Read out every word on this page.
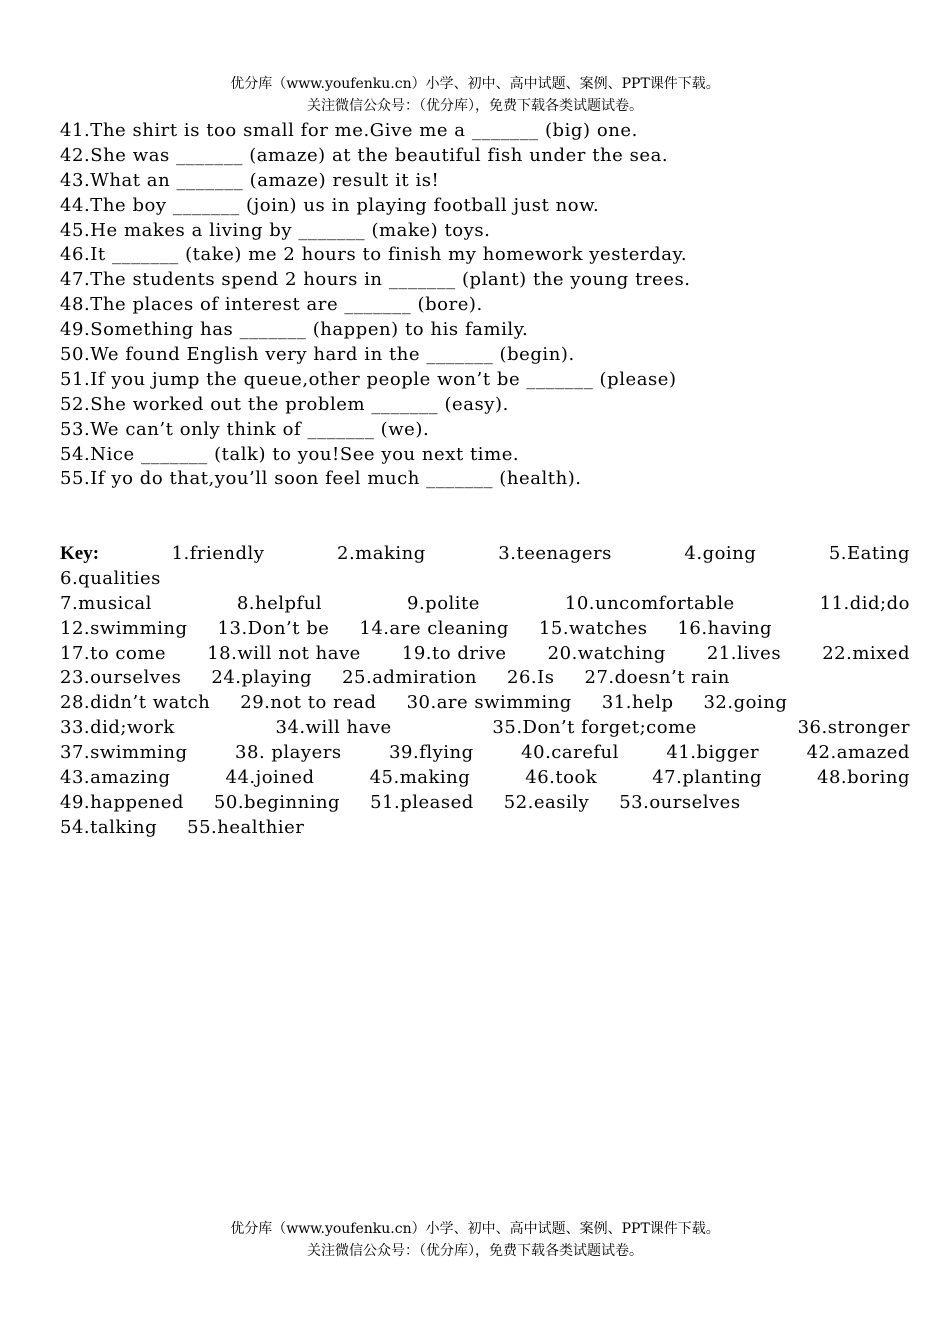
优分库（www.youfenku.cn）小学、初中、高中试题、案例、PPT课件下载。
关注微信公众号：（优分库），免费下载各类试题试卷。
41.The shirt is too small for me.Give me a _______ (big) one.
42.She was _______ (amaze) at the beautiful fish under the sea.
43.What an _______ (amaze) result it is!
44.The boy _______ (join) us in playing football just now.
45.He makes a living by _______ (make) toys.
46.It _______ (take) me 2 hours to finish my homework yesterday.
47.The students spend 2 hours in _______ (plant) the young trees.
48.The places of interest are _______ (bore).
49.Something has _______ (happen) to his family.
50.We found English very hard in the _______ (begin).
51.If you jump the queue,other people won’t be _______ (please)
52.She worked out the problem _______ (easy).
53.We can’t only think of _______ (we).
54.Nice _______ (talk) to you!See you next time.
55.If yo do that,you’ll soon feel much _______ (health).
Key:	1.friendly	2.making	3.teenagers	4.going	5.Eating
6.qualities
7.musical	8.helpful	9.polite	10.uncomfortable	11.did;do
12.swimming 13.Don’t be 14.are cleaning 15.watches 16.having
17.to come 18.will not have 19.to drive 20.watching 21.lives 22.mixed
23.ourselves 24.playing 25.admiration 26.Is 27.doesn’t rain
28.didn’t watch 29.not to read 30.are swimming 31.help 32.going
33.did;work	34.will have	35.Don’t forget;come	36.stronger
37.swimming	38. players	39.flying	40.careful	41.bigger	42.amazed
43.amazing	44.joined	45.making	46.took	47.planting	48.boring
49.happened 50.beginning 51.pleased 52.easily 53.ourselves
54.talking 55.healthier
优分库（www.youfenku.cn）小学、初中、高中试题、案例、PPT课件下载。
关注微信公众号：（优分库），免费下载各类试题试卷。
